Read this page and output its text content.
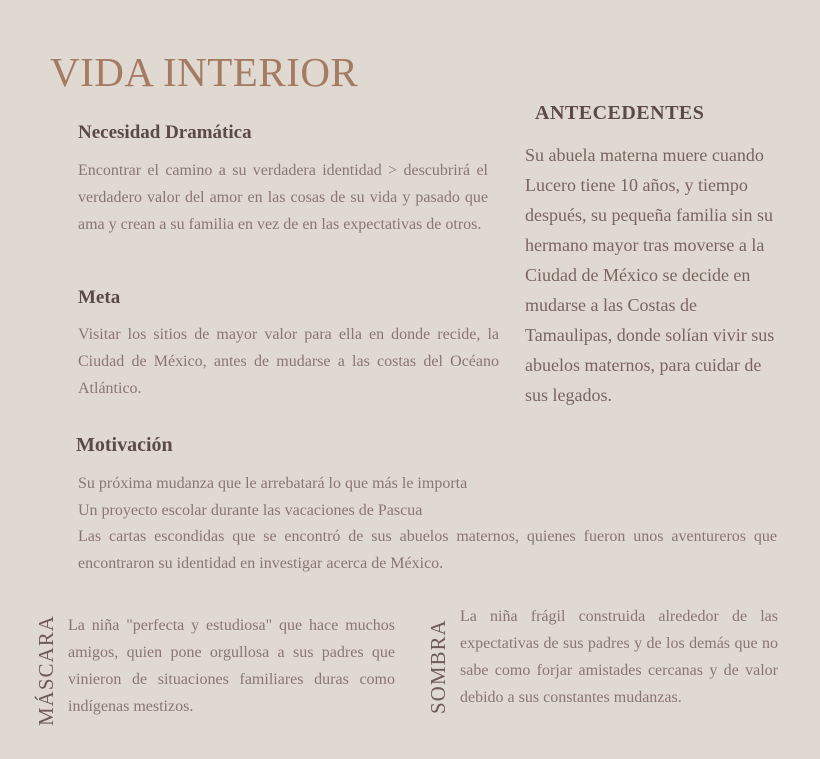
VIDA INTERIOR
Necesidad Dramática

Encontrar el camino a su verdadera identidad > descubrirá el verdadero valor del amor en las cosas de su vida y pasado que ama y crean a su familia en vez de en las expectativas de otros.

Meta

Visitar los sitios de mayor valor para ella en donde recide, la Ciudad de México, antes de mudarse a las costas del Océano Atlántico.

ANTECEDENTES

Su abuela materna muere cuando Lucero tiene 10 años, y tiempo después, su pequeña familia sin su hermano mayor tras moverse a la Ciudad de México se decide en mudarse a las Costas de Tamaulipas, donde solían vivir sus abuelos maternos, para cuidar de sus legados.

Motivación

Su próxima mudanza que le arrebatará lo que más le importa

Un proyecto escolar durante las vacaciones de Pascua

Las cartas escondidas que se encontró de sus abuelos maternos, quienes fueron unos aventureros que encontraron su identidad en investigar acerca de México.

MÁSCARA La niña "perfecta y estudiosa" que hace muchos amigos, quien pone orgullosa a sus padres que vinieron de situaciones familiares duras como indígenas mestizos.	SOMBRA

La niña frágil construida alrededor de las expectativas de sus padres y de los demás que no sabe como forjar amistades cercanas y de valor debido a sus constantes mudanzas.
